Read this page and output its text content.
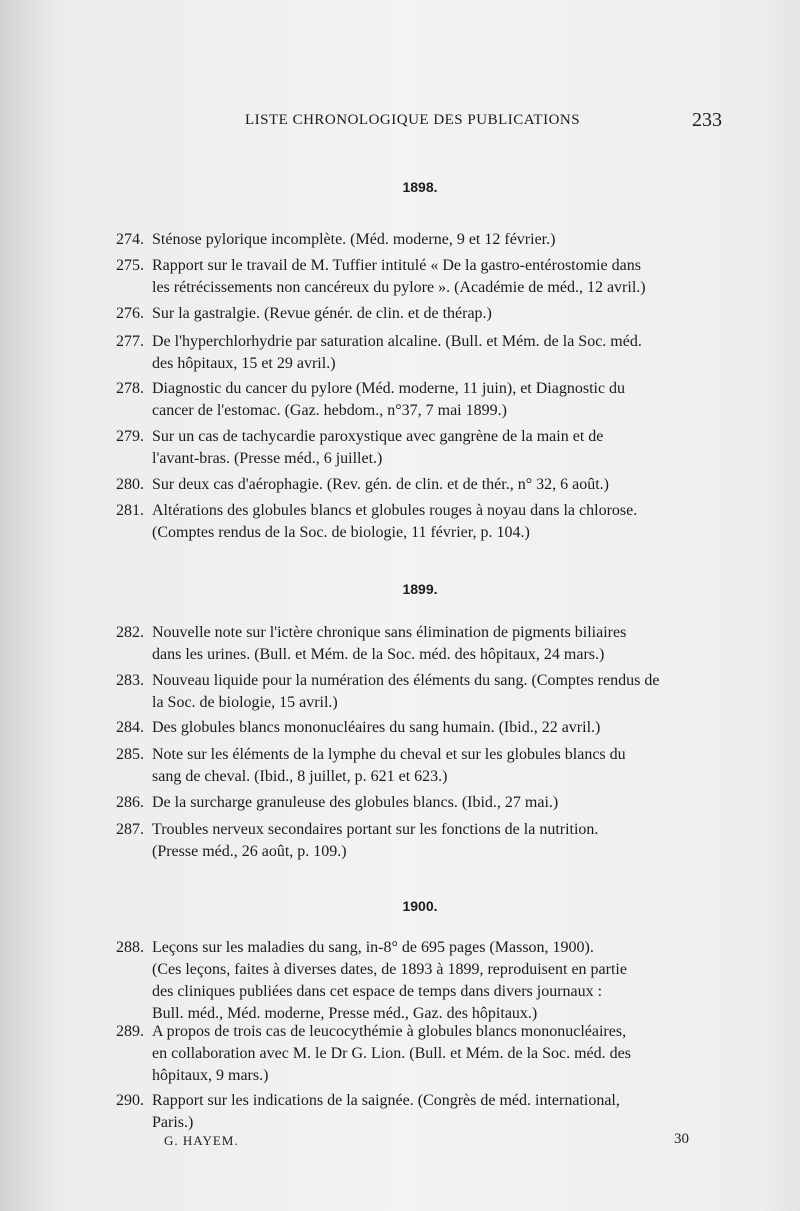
LISTE CHRONOLOGIQUE DES PUBLICATIONS	233
1898.
274. Sténose pylorique incomplète. (Méd. moderne, 9 et 12 février.)
275. Rapport sur le travail de M. Tuffier intitulé « De la gastro-entérostomie dans
les rétrécissements non cancéreux du pylore ». (Académie de méd., 12 avril.)
276. Sur la gastralgie. (Revue génér. de clin. et de thérap.)
277. De l'hyperchlorhydrie par saturation alcaline. (Bull. et Mém. de la Soc. méd.
des hôpitaux, 15 et 29 avril.)
278. Diagnostic du cancer du pylore (Méd. moderne, 11 juin), et Diagnostic du
cancer de l'estomac. (Gaz. hebdom., n°37, 7 mai 1899.)
279. Sur un cas de tachycardie paroxystique avec gangrène de la main et de
l'avant-bras. (Presse méd., 6 juillet.)
280. Sur deux cas d'aérophagie. (Rev. gén. de clin. et de thér., n° 32, 6 août.)
281. Altérations des globules blancs et globules rouges à noyau dans la chlorose.
(Comptes rendus de la Soc. de biologie, 11 février, p. 104.)
1899.
282. Nouvelle note sur l'ictère chronique sans élimination de pigments biliaires
dans les urines. (Bull. et Mém. de la Soc. méd. des hôpitaux, 24 mars.)
283. Nouveau liquide pour la numération des éléments du sang. (Comptes rendus de
la Soc. de biologie, 15 avril.)
284. Des globules blancs mononucléaires du sang humain. (Ibid., 22 avril.)
285. Note sur les éléments de la lymphe du cheval et sur les globules blancs du
sang de cheval. (Ibid., 8 juillet, p. 621 et 623.)
286. De la surcharge granuleuse des globules blancs. (Ibid., 27 mai.)
287. Troubles nerveux secondaires portant sur les fonctions de la nutrition.
(Presse méd., 26 août, p. 109.)
1900.
288. Leçons sur les maladies du sang, in-8° de 695 pages (Masson, 1900).
(Ces leçons, faites à diverses dates, de 1893 à 1899, reproduisent en partie
des cliniques publiées dans cet espace de temps dans divers journaux :
Bull. méd., Méd. moderne, Presse méd., Gaz. des hôpitaux.)
289. A propos de trois cas de leucocythémie à globules blancs mononucléaires,
en collaboration avec M. le Dr G. Lion. (Bull. et Mém. de la Soc. méd. des
hôpitaux, 9 mars.)
290. Rapport sur les indications de la saignée. (Congrès de méd. international,
Paris.)
G. HAYEM.	30
